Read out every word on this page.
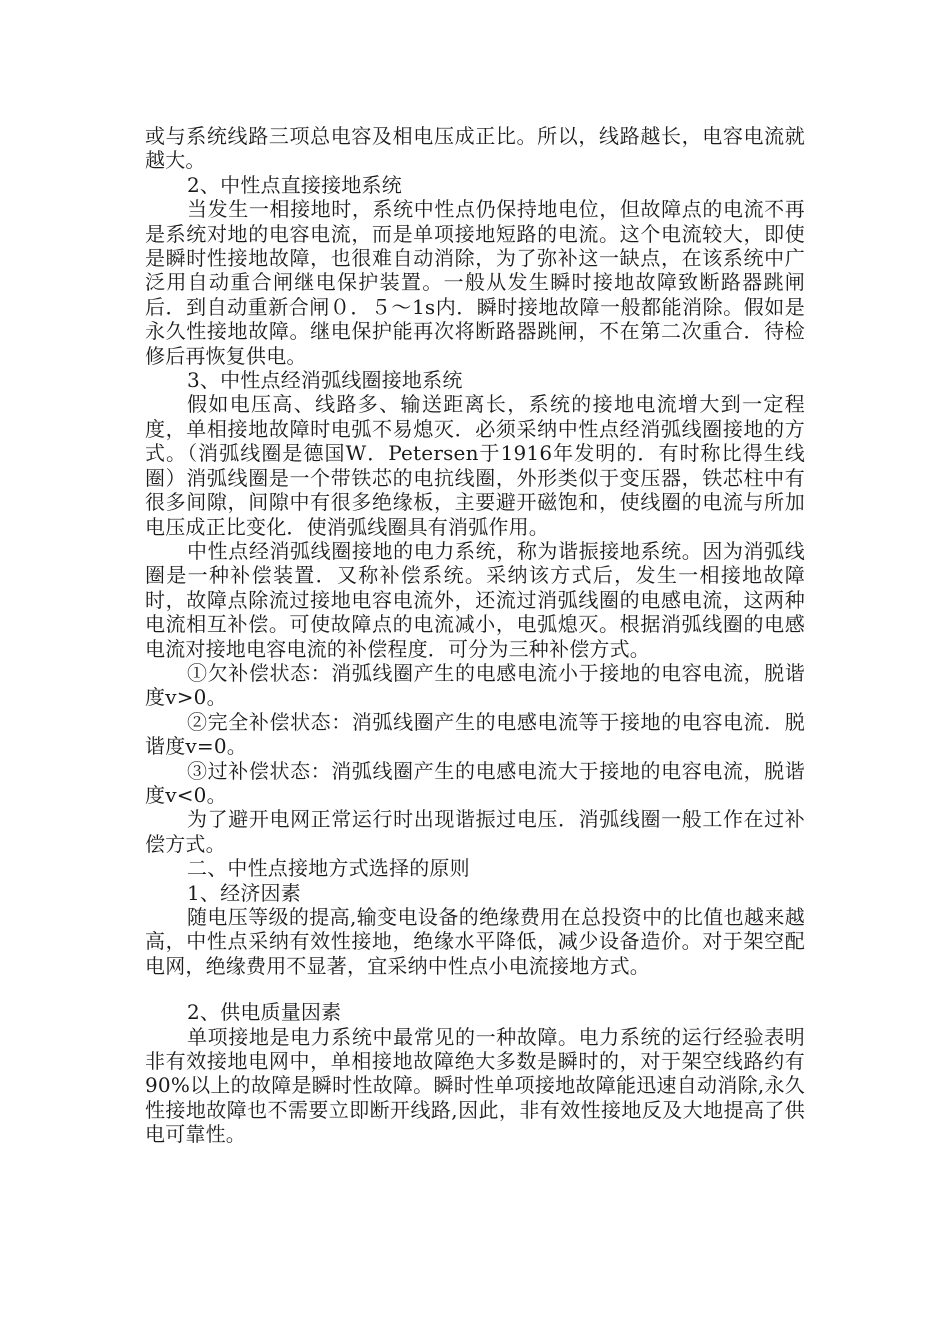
或与系统线路三项总电容及相电压成正比。所以，线路越长，电容电流就越大。

2、中性点直接接地系统

当发生一相接地时，系统中性点仍保持地电位，但故障点的电流不再是系统对地的电容电流，而是单项接地短路的电流。这个电流较大，即使是瞬时性接地故障，也很难自动消除，为了弥补这一缺点，在该系统中广泛用自动重合闸继电保护装置。一般从发生瞬时接地故障致断路器跳闸后．到自动重新合闸０．５～1s内．瞬时接地故障一般都能消除。假如是永久性接地故障。继电保护能再次将断路器跳闸，不在第二次重合．待检修后再恢复供电。

3、中性点经消弧线圈接地系统

假如电压高、线路多、输送距离长，系统的接地电流增大到一定程度，单相接地故障时电弧不易熄灭．必须采纳中性点经消弧线圈接地的方式。（消弧线圈是德国W．Petersen于1916年发明的．有时称比得生线圈）消弧线圈是一个带铁芯的电抗线圈，外形类似于变压器，铁芯柱中有很多间隙，间隙中有很多绝缘板，主要避开磁饱和，使线圈的电流与所加电压成正比变化．使消弧线圈具有消弧作用。

中性点经消弧线圈接地的电力系统，称为谐振接地系统。因为消弧线圈是一种补偿装置．又称补偿系统。采纳该方式后，发生一相接地故障时，故障点除流过接地电容电流外，还流过消弧线圈的电感电流，这两种电流相互补偿。可使故障点的电流减小，电弧熄灭。根据消弧线圈的电感电流对接地电容电流的补偿程度．可分为三种补偿方式。

①欠补偿状态：消弧线圈产生的电感电流小于接地的电容电流，脱谐度v>0。

②完全补偿状态：消弧线圈产生的电感电流等于接地的电容电流．脱谐度v=0。

③过补偿状态：消弧线圈产生的电感电流大于接地的电容电流，脱谐度v<0。

为了避开电网正常运行时出现谐振过电压．消弧线圈一般工作在过补偿方式。

二、中性点接地方式选择的原则

1、经济因素

随电压等级的提高,输变电设备的绝缘费用在总投资中的比值也越来越高，中性点采纳有效性接地，绝缘水平降低，减少设备造价。对于架空配电网，绝缘费用不显著，宜采纳中性点小电流接地方式。

2、供电质量因素

单项接地是电力系统中最常见的一种故障。电力系统的运行经验表明非有效接地电网中，单相接地故障绝大多数是瞬时的，对于架空线路约有90%以上的故障是瞬时性故障。瞬时性单项接地故障能迅速自动消除,永久性接地故障也不需要立即断开线路,因此，非有效性接地反及大地提高了供电可靠性。
